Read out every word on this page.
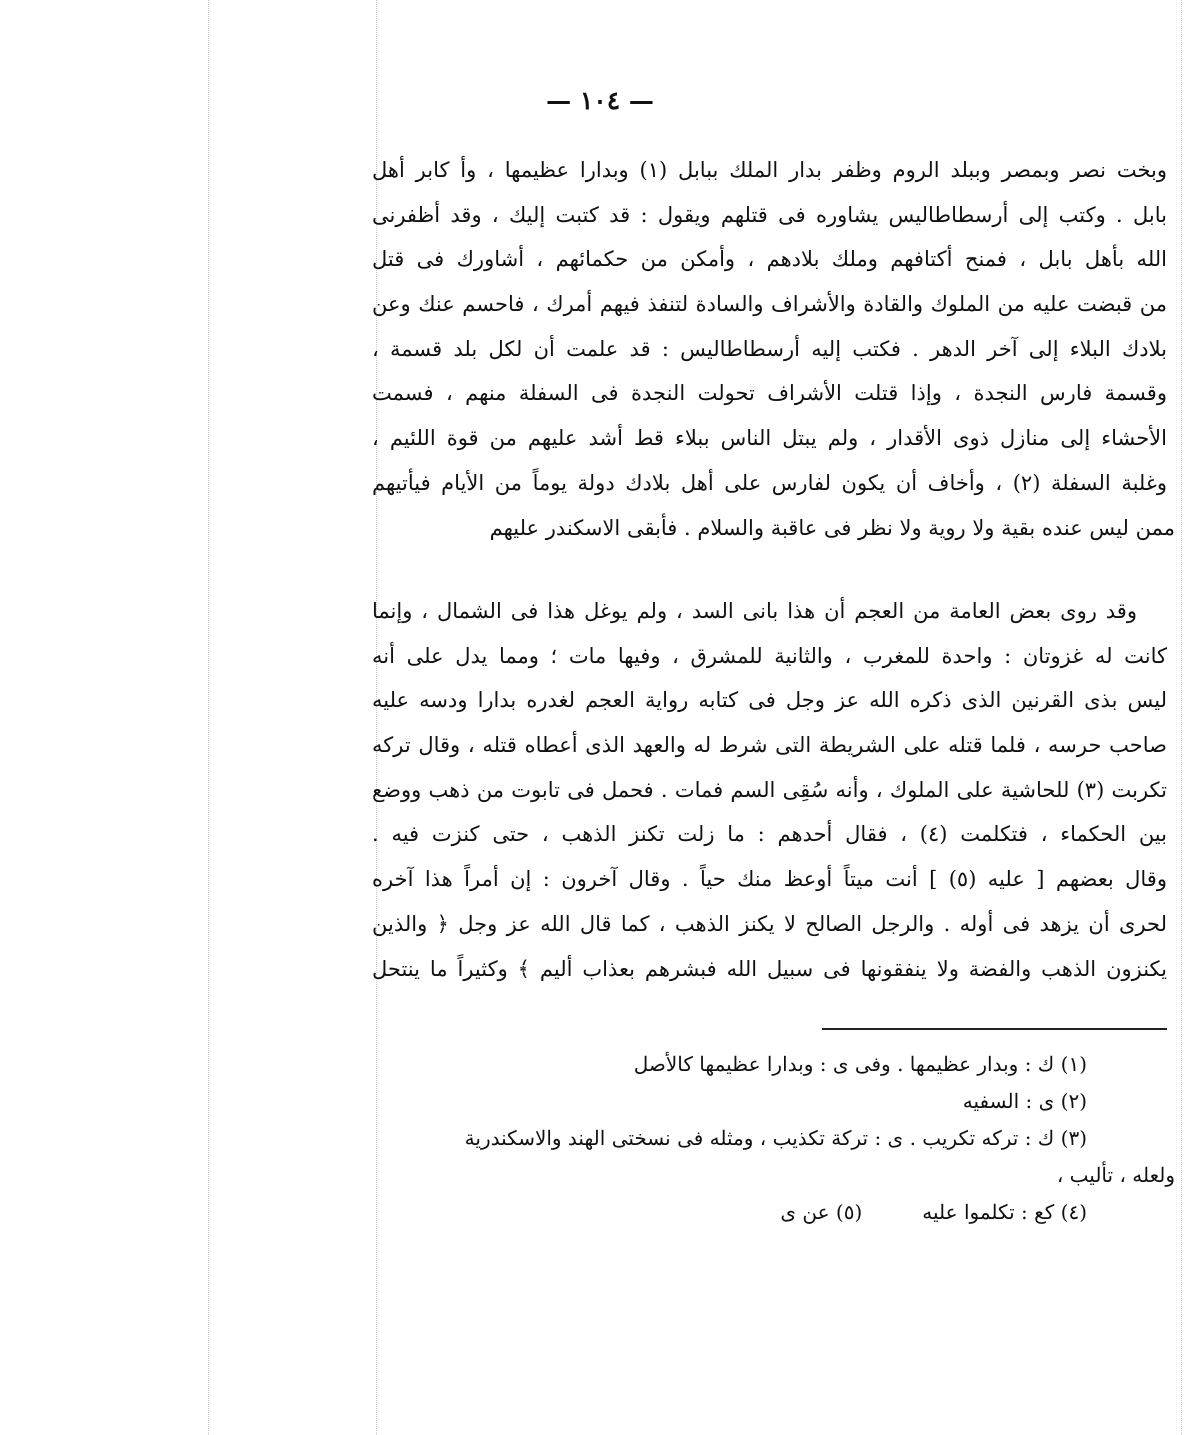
— ١٠٤ —
وبخت نصر وبمصر وببلد الروم وظفر بدار الملك ببابل (١) وبدارا عظيمها ، وأ كابر أهل
بابل . وكتب إلى أرسطاطاليس يشاوره فى قتلهم ويقول : قد كتبت إليك ، وقد أظفرنى
الله بأهل بابل ، فمنح أكتافهم وملك بلادهم ، وأمكن من حكمائهم ، أشاورك فى قتل
من قبضت عليه من الملوك والقادة والأشراف والسادة لتنفذ فيهم أمرك ، فاحسم عنك وعن
بلادك البلاء إلى آخر الدهر . فكتب إليه أرسطاطاليس : قد علمت أن لكل بلد قسمة ،
وقسمة فارس النجدة ، وإذا قتلت الأشراف تحولت النجدة فى السفلة منهم ، فسمت
الأحشاء إلى منازل ذوى الأقدار ، ولم يبتل الناس ببلاء قط أشد عليهم من قوة اللئيم ،
وغلبة السفلة (٢) ، وأخاف أن يكون لفارس على أهل بلادك دولة يوماً من الأيام فيأتيهم
ممن ليس عنده بقية ولا روية ولا نظر فى عاقبة والسلام . فأبقى الاسكندر عليهم
وقد روى بعض العامة من العجم أن هذا بانى السد ، ولم يوغل هذا فى الشمال ، وإنما
كانت له غزوتان : واحدة للمغرب ، والثانية للمشرق ، وفيها مات ؛ ومما يدل على أنه
ليس بذى القرنين الذى ذكره الله عز وجل فى كتابه رواية العجم لغدره بدارا ودسه عليه
صاحب حرسه ، فلما قتله على الشريطة التى شرط له والعهد الذى أعطاه قتله ، وقال تركه
تكربت (٣) للحاشية على الملوك ، وأنه سُقِى السم فمات . فحمل فى تابوت من ذهب ووضع
بين الحكماء ، فتكلمت (٤) ، فقال أحدهم : ما زلت تكنز الذهب ، حتى كنزت فيه .
وقال بعضهم [ عليه (٥) ] أنت ميتاً أوعظ منك حياً . وقال آخرون : إن أمراً هذا آخره
لحرى أن يزهد فى أوله . والرجل الصالح لا يكنز الذهب ، كما قال الله عز وجل ﴿ والذين
يكنزون الذهب والفضة ولا ينفقونها فى سبيل الله فبشرهم بعذاب أليم ﴾ وكثيراً ما ينتحل
(١) ك : وبدار عظيمها . وفى ى : وبدارا عظيمها كالأصل
(٢) ى : السفيه
(٣) ك : تركه تكريب . ى : تركة تكذيب ، ومثله فى نسختى الهند والاسكندرية
ولعله ، تأليب ،
(٤) كع : تكلموا عليه(٥) عن ى
